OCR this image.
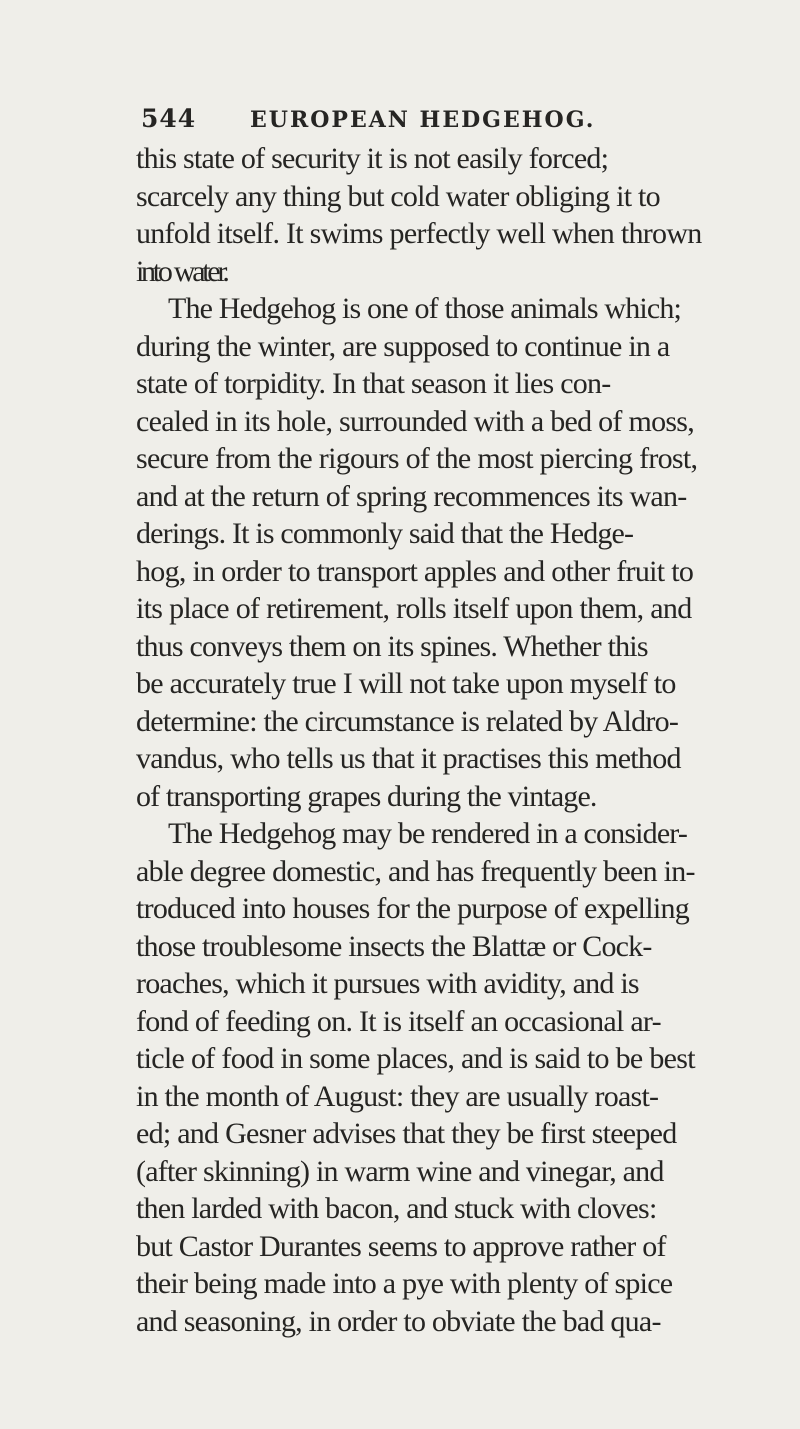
544 EUROPEAN HEDGEHOG.
this state of security it is not easily forced;
scarcely any thing but cold water obliging it to
unfold itself. It swims perfectly well when thrown
into water.
The Hedgehog is one of those animals which;
during the winter, are supposed to continue in a
state of torpidity. In that season it lies con-
cealed in its hole, surrounded with a bed of moss,
secure from the rigours of the most piercing frost,
and at the return of spring recommences its wan-
derings. It is commonly said that the Hedge-
hog, in order to transport apples and other fruit to
its place of retirement, rolls itself upon them, and
thus conveys them on its spines. Whether this
be accurately true I will not take upon myself to
determine: the circumstance is related by Aldro-
vandus, who tells us that it practises this method
of transporting grapes during the vintage.
The Hedgehog may be rendered in a consider-
able degree domestic, and has frequently been in-
troduced into houses for the purpose of expelling
those troublesome insects the Blattæ or Cock-
roaches, which it pursues with avidity, and is
fond of feeding on. It is itself an occasional ar-
ticle of food in some places, and is said to be best
in the month of August: they are usually roast-
ed; and Gesner advises that they be first steeped
(after skinning) in warm wine and vinegar, and
then larded with bacon, and stuck with cloves:
but Castor Durantes seems to approve rather of
their being made into a pye with plenty of spice
and seasoning, in order to obviate the bad qua-
